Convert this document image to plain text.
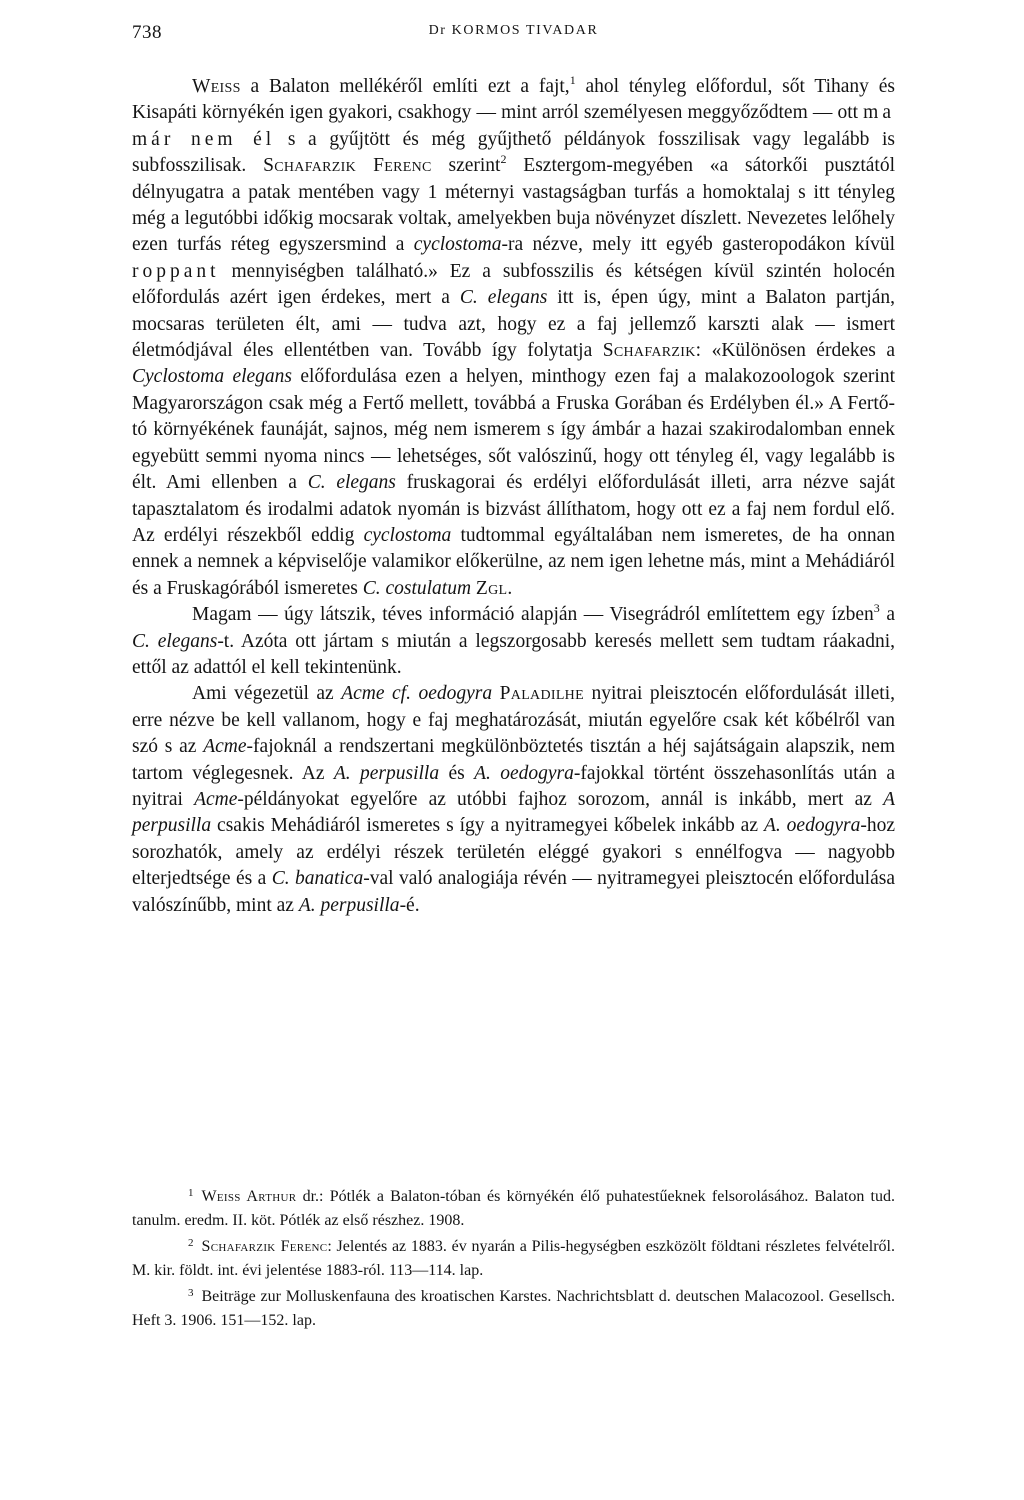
738	Dr KORMOS TIVADAR

Weiss a Balaton mellékéről említi ezt a fajt,$^1$ ahol tényleg előfordul, sőt Tihany és Kisapáti környékén igen gyakori, csakhogy — mint arról személyesen meggyőződtem — ott ma már nem él s a gyűjtött és még gyűjthető példányok fosszilisak vagy legalább is subfosszilisak. Schafarzik Ferenc szerint$^2$ Esztergom-megyében «a sátorkői pusztától délnyugatra a patak mentében vagy 1 méternyi vastagságban turfás a homoktalaj s itt tényleg még a legutóbbi időkig mocsarak voltak, amelyekben buja növényzet díszlett. Nevezetes lelőhely ezen turfás réteg egyszersmind a cyclostoma-ra nézve, mely itt egyéb gasteropodákon kívül roppant mennyiségben található.» Ez a subfosszilis és kétségen kívül szintén holocén előfordulás azért igen érdekes, mert a C. elegans itt is, épen úgy, mint a Balaton partján, mocsaras területen élt, ami — tudva azt, hogy ez a faj jellemző karszti alak — ismert életmódjával éles ellentétben van. Tovább így folytatja Schafarzik: «Különösen érdekes a Cyclostoma elegans előfordulása ezen a helyen, minthogy ezen faj a malakozoologok szerint Magyarországon csak még a Fertő mellett, továbbá a Fruska Gorában és Erdélyben él.» A Fertő-tó környékének faunáját, sajnos, még nem ismerem s így ámbár a hazai szakirodalomban ennek egyebütt semmi nyoma nincs — lehetséges, sőt valószinű, hogy ott tényleg él, vagy legalább is élt. Ami ellenben a C. elegans fruskagorai és erdélyi előfordulását illeti, arra nézve saját tapasztalatom és irodalmi adatok nyomán is bizvást állíthatom, hogy ott ez a faj nem fordul elő. Az erdélyi részekből eddig cyclostoma tudtommal egyáltalában nem ismeretes, de ha onnan ennek a nemnek a képviselője valamikor előkerülne, az nem igen lehetne más, mint a Mehádiáról és a Fruskagórából ismeretes C. costulatum Zgl.

Magam — úgy látszik, téves információ alapján — Visegrádról említettem egy ízben$^3$ a C. elegans-t. Azóta ott jártam s miután a legszorgosabb keresés mellett sem tudtam ráakadni, ettől az adattól el kell tekintenünk.

Ami végezetül az Acme cf. oedogyra Paladilhe nyitrai pleisztocén előfordulását illeti, erre nézve be kell vallanom, hogy e faj meghatározását, miután egyelőre csak két kőbélről van szó s az Acme-fajoknál a rendszertani megkülönböztetés tisztán a héj sajátságain alapszik, nem tartom véglegesnek. Az A. perpusilla és A. oedogyra-fajokkal történt összehasonlítás után a nyitrai Acme-példányokat egyelőre az utóbbi fajhoz sorozom, annál is inkább, mert az A perpusilla csakis Mehádiáról ismeretes s így a nyitramegyei kőbelek inkább az A. oedogyra-hoz sorozhatók, amely az erdélyi részek területén eléggé gyakori s ennélfogva — nagyobb elterjedtsége és a C. banatica-val való analogiája révén — nyitramegyei pleisztocén előfordulása valószínűbb, mint az A. perpusilla-é.

$^1$ Weiss Arthur dr.: Pótlék a Balaton-tóban és környékén élő puhatestűeknek felsorolásához. Balaton tud. tanulm. eredm. II. köt. Pótlék az első részhez. 1908.

$^2$ Schafarzik Ferenc: Jelentés az 1883. év nyarán a Pilis-hegységben eszközölt földtani részletes felvételről. M. kir. földt. int. évi jelentése 1883-ról. 113—114. lap.

$^3$ Beiträge zur Molluskenfauna des kroatischen Karstes. Nachrichtsblatt d. deutschen Malacozool. Gesellsch. Heft 3. 1906. 151—152. lap.
